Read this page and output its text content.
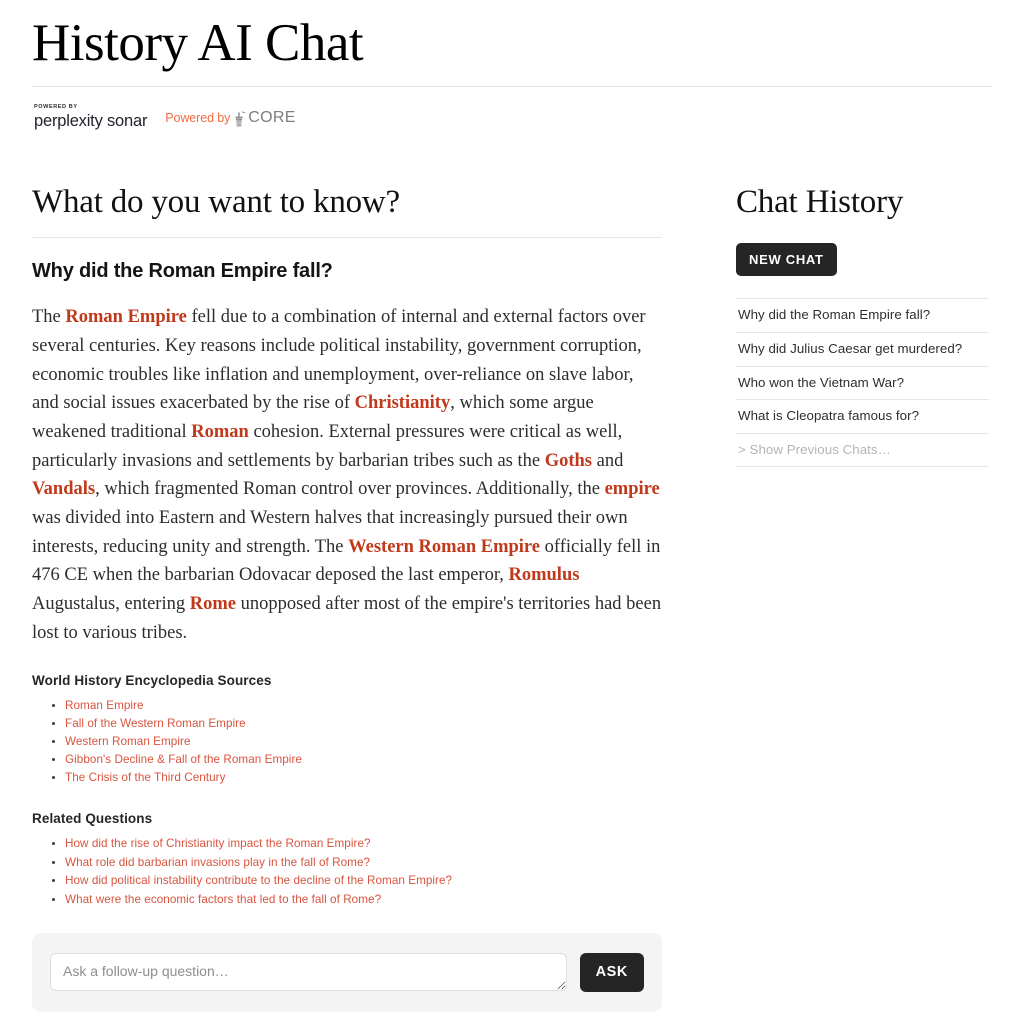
History AI Chat
POWERED BY
perplexity sonar Powered by CORE
What do you want to know?
Why did the Roman Empire fall?

The Roman Empire fell due to a combination of internal and external factors over several centuries. Key reasons include political instability, government corruption, economic troubles like inflation and unemployment, over-reliance on slave labor, and social issues exacerbated by the rise of Christianity, which some argue weakened traditional Roman cohesion. External pressures were critical as well, particularly invasions and settlements by barbarian tribes such as the Goths and Vandals, which fragmented Roman control over provinces. Additionally, the empire was divided into Eastern and Western halves that increasingly pursued their own interests, reducing unity and strength. The Western Roman Empire officially fell in 476 CE when the barbarian Odovacar deposed the last emperor, Romulus Augustalus, entering Rome unopposed after most of the empire's territories had been lost to various tribes.

World History Encyclopedia Sources
• Roman Empire
• Fall of the Western Roman Empire
• Western Roman Empire
• Gibbon's Decline & Fall of the Roman Empire
• The Crisis of the Third Century
Related Questions
• How did the rise of Christianity impact the Roman Empire?
• What role did barbarian invasions play in the fall of Rome?
• How did political instability contribute to the decline of the Roman Empire?
• What were the economic factors that led to the fall of Rome?
Ask a follow-up question…
ASK
Chat History
NEW CHAT
Why did the Roman Empire fall?
Why did Julius Caesar get murdered?
Who won the Vietnam War?
What is Cleopatra famous for?
> Show Previous Chats…
